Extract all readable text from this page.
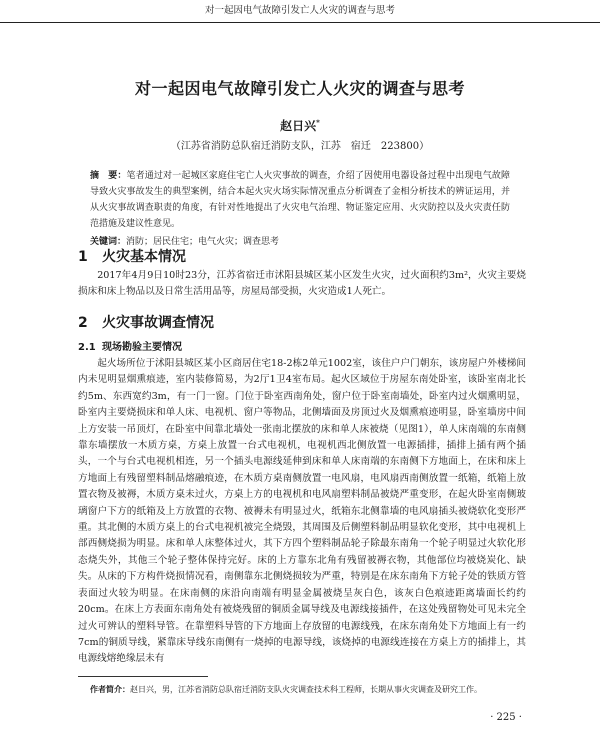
对一起因电气故障引发亡人火灾的调查与思考
对一起因电气故障引发亡人火灾的调查与思考
赵日兴*
（江苏省消防总队宿迁消防支队，江苏　宿迁　223800）

摘　要：笔者通过对一起城区家庭住宅亡人火灾事故的调查，介绍了因使用电器设备过程中出现电气故障导致火灾事故发生的典型案例，结合本起火灾火场实际情况重点分析调查了金相分析技术的辨证运用，并从火灾事故调查职责的角度，有针对性地提出了火灾电气治理、物证鉴定应用、火灾防控以及火灾责任防范措施及建议性意见。

关键词：消防；居民住宅；电气火灾；调查思考

1 火灾基本情况

2017年4月9日10时23分，江苏省宿迁市沭阳县城区某小区发生火灾，过火面积约3m²，火灾主要烧损床和床上物品以及日常生活用品等，房屋局部受损，火灾造成1人死亡。

2 火灾事故调查情况
2.1 现场勘验主要情况

起火场所位于沭阳县城区某小区商居住宅18-2栋2单元1002室，该住户户门朝东，该房屋户外楼梯间内未见明显烟熏痕迹，室内装修简易，为2厅1卫4室布局。起火区域位于房屋东南处卧室，该卧室南北长约5m、东西宽约3m，有一门一窗。门位于卧室西南角处，窗户位于卧室南墙处，卧室内过火烟熏明显，卧室内主要烧损床和单人床、电视机、窗户等物品，北侧墙面及房顶过火及烟熏痕迹明显，卧室墙房中间上方安装一吊顶灯，在卧室中间靠北墙处一张南北摆放的床和单人床被烧（见图1），单人床南端的东南侧靠东墙摆放一木质方桌，方桌上放置一台式电视机，电视机西北侧放置一电源插排，插排上插有两个插头，一个与台式电视机相连，另一个插头电源线延伸到床和单人床南端的东南侧下方地面上，在床和床上方地面上有残留塑料制品熔融痕迹，在木质方桌南侧放置一电风扇，电风扇西南侧放置一纸箱，纸箱上放置衣物及被褥，木质方桌未过火，方桌上方的电视机和电风扇塑料制品被烧严重变形，在起火卧室南侧玻璃窗户下方的纸箱及上方放置的衣物、被褥未有明显过火，纸箱东北侧靠墙的电风扇插头被烧软化变形严重。其北侧的木质方桌上的台式电视机被完全烧毁，其周围及后侧塑料制品明显软化变形，其中电视机上部西侧烧损为明显。床和单人床整体过火，其下方四个塑料制品轮子除最东南角一个轮子明显过火软化形态烧失外，其他三个轮子整体保持完好。床的上方靠东北角有残留被褥衣物，其他部位均被烧炭化、缺失。从床的下方构件烧损情况看，南侧靠东北侧烧损较为严重，特别是在床东南角下方轮子处的铁质方管表面过火较为明显。在床南侧的床沿向南端有明显金属被烧呈灰白色，该灰白色痕迹距离墙面长约约20cm。在床上方表面东南角处有被烧残留的铜质金属导线及电源线接插件，在这处残留物处可见未完全过火可辨认的塑料导管。在靠塑料导管的下方地面上存放留的电源线残，在床东南角处下方地面上有一约7cm的铜质导线，紧靠床导线东南侧有一烧掉的电源导线，该烧掉的电源线连接在方桌上方的插排上，其电源线熔绝缘层未有

作者简介：赵日兴，男，江苏省消防总队宿迁消防支队火灾调查技术科工程师，长期从事火灾调查及研究工作。
· 225 ·
